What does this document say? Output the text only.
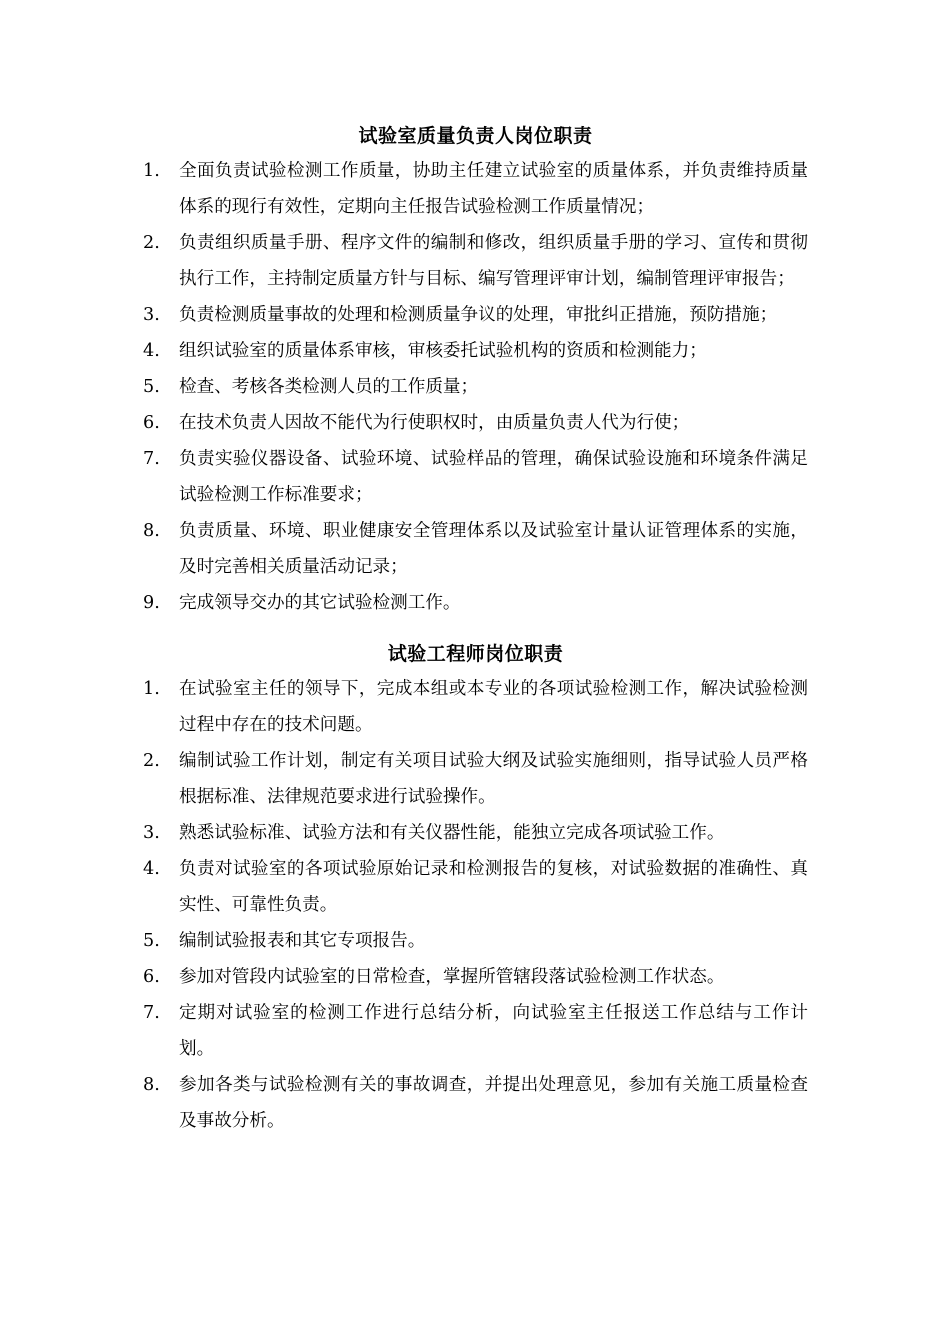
试验室质量负责人岗位职责
1.	全面负责试验检测工作质量，协助主任建立试验室的质量体系，并负责维持质量体系的现行有效性，定期向主任报告试验检测工作质量情况；
2.	负责组织质量手册、程序文件的编制和修改，组织质量手册的学习、宣传和贯彻执行工作，主持制定质量方针与目标、编写管理评审计划，编制管理评审报告；
3.	负责检测质量事故的处理和检测质量争议的处理，审批纠正措施，预防措施；
4.	组织试验室的质量体系审核，审核委托试验机构的资质和检测能力；
5.	检查、考核各类检测人员的工作质量；
6.	在技术负责人因故不能代为行使职权时，由质量负责人代为行使；
7.	负责实验仪器设备、试验环境、试验样品的管理，确保试验设施和环境条件满足试验检测工作标准要求；
8.	负责质量、环境、职业健康安全管理体系以及试验室计量认证管理体系的实施，及时完善相关质量活动记录；
9.	完成领导交办的其它试验检测工作。
试验工程师岗位职责
1.	在试验室主任的领导下，完成本组或本专业的各项试验检测工作，解决试验检测过程中存在的技术问题。
2.	编制试验工作计划，制定有关项目试验大纲及试验实施细则，指导试验人员严格根据标准、法律规范要求进行试验操作。
3.	熟悉试验标准、试验方法和有关仪器性能，能独立完成各项试验工作。
4.	负责对试验室的各项试验原始记录和检测报告的复核，对试验数据的准确性、真实性、可靠性负责。
5.	编制试验报表和其它专项报告。
6.	参加对管段内试验室的日常检查，掌握所管辖段落试验检测工作状态。
7.	定期对试验室的检测工作进行总结分析，向试验室主任报送工作总结与工作计划。
8.	参加各类与试验检测有关的事故调查，并提出处理意见，参加有关施工质量检查及事故分析。
